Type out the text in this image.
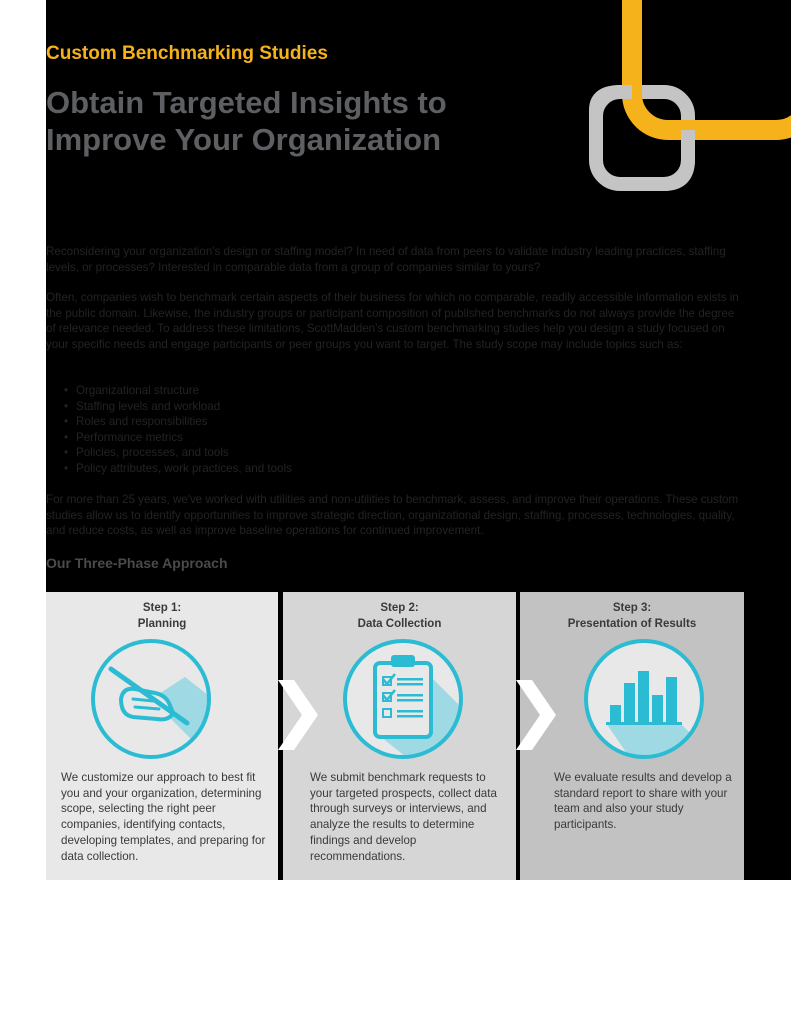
Custom Benchmarking Studies
Obtain Targeted Insights to Improve Your Organization

Reconsidering your organization's design or staffing model? In need of data from peers to validate industry leading practices, staffing levels, or processes? Interested in comparable data from a group of companies similar to yours?

Often, companies wish to benchmark certain aspects of their business for which no comparable, readily accessible information exists in the public domain. Likewise, the industry groups or participant composition of published benchmarks do not always provide the degree of relevance needed. To address these limitations, ScottMadden's custom benchmarking studies help you design a study focused on your specific needs and engage participants or peer groups you want to target. The study scope may include topics such as:

• Organizational structure
• Staffing levels and workload
• Roles and responsibilities
• Performance metrics
• Policies, processes, and tools
• Policy attributes, work practices, and tools

For more than 25 years, we've worked with utilities and non-utilities to benchmark, assess, and improve their operations. These custom studies allow us to identify opportunities to improve strategic direction, organizational design, staffing, processes, technologies, quality, and reduce costs, as well as improve baseline operations for continued improvement.

Our Three-Phase Approach
Step 1:
Planning

We customize our approach to best fit you and your organization, determining scope, selecting the right peer companies, identifying contacts, developing templates, and preparing for data collection.

Step 2:
Data Collection

We submit benchmark requests to your targeted prospects, collect data through surveys or interviews, and analyze the results to determine findings and develop recommendations.

Step 3:
Presentation of Results

We evaluate results and develop a standard report to share with your team and also your study participants.
